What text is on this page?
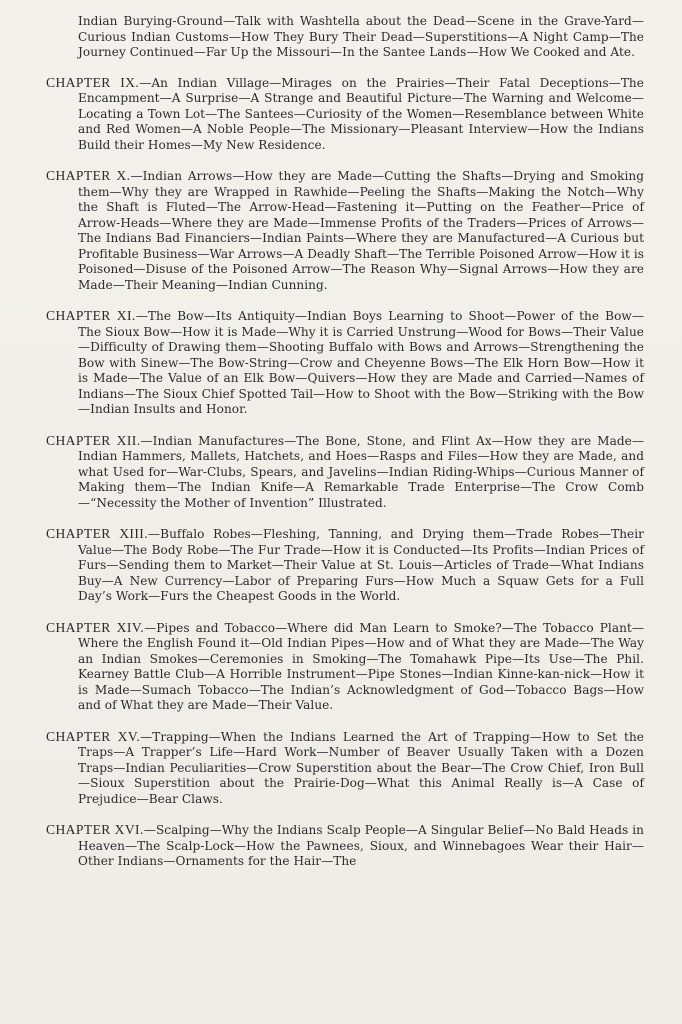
Indian Burying-Ground—Talk with Washtella about the Dead—Scene in the Grave-Yard—Curious Indian Customs—How They Bury Their Dead—Superstitions—A Night Camp—The Journey Continued—Far Up the Missouri—In the Santee Lands—How We Cooked and Ate.
CHAPTER IX.—An Indian Village—Mirages on the Prairies—Their Fatal Deceptions—The Encampment—A Surprise—A Strange and Beautiful Picture—The Warning and Welcome—Locating a Town Lot—The Santees—Curiosity of the Women—Resemblance between White and Red Women—A Noble People—The Missionary—Pleasant Interview—How the Indians Build their Homes—My New Residence.
CHAPTER X.—Indian Arrows—How they are Made—Cutting the Shafts—Drying and Smoking them—Why they are Wrapped in Rawhide—Peeling the Shafts—Making the Notch—Why the Shaft is Fluted—The Arrow-Head—Fastening it—Putting on the Feather—Price of Arrow-Heads—Where they are Made—Immense Profits of the Traders—Prices of Arrows—The Indians Bad Financiers—Indian Paints—Where they are Manufactured—A Curious but Profitable Business—War Arrows—A Deadly Shaft—The Terrible Poisoned Arrow—How it is Poisoned—Disuse of the Poisoned Arrow—The Reason Why—Signal Arrows—How they are Made—Their Meaning—Indian Cunning.
CHAPTER XI.—The Bow—Its Antiquity—Indian Boys Learning to Shoot—Power of the Bow—The Sioux Bow—How it is Made—Why it is Carried Unstrung—Wood for Bows—Their Value—Difficulty of Drawing them—Shooting Buffalo with Bows and Arrows—Strengthening the Bow with Sinew—The Bow-String—Crow and Cheyenne Bows—The Elk Horn Bow—How it is Made—The Value of an Elk Bow—Quivers—How they are Made and Carried—Names of Indians—The Sioux Chief Spotted Tail—How to Shoot with the Bow—Striking with the Bow—Indian Insults and Honor.
CHAPTER XII.—Indian Manufactures—The Bone, Stone, and Flint Ax—How they are Made—Indian Hammers, Mallets, Hatchets, and Hoes—Rasps and Files—How they are Made, and what Used for—War-Clubs, Spears, and Javelins—Indian Riding-Whips—Curious Manner of Making them—The Indian Knife—A Remarkable Trade Enterprise—The Crow Comb—“Necessity the Mother of Invention” Illustrated.
CHAPTER XIII.—Buffalo Robes—Fleshing, Tanning, and Drying them—Trade Robes—Their Value—The Body Robe—The Fur Trade—How it is Conducted—Its Profits—Indian Prices of Furs—Sending them to Market—Their Value at St. Louis—Articles of Trade—What Indians Buy—A New Currency—Labor of Preparing Furs—How Much a Squaw Gets for a Full Day’s Work—Furs the Cheapest Goods in the World.
CHAPTER XIV.—Pipes and Tobacco—Where did Man Learn to Smoke?—The Tobacco Plant—Where the English Found it—Old Indian Pipes—How and of What they are Made—The Way an Indian Smokes—Ceremonies in Smoking—The Tomahawk Pipe—Its Use—The Phil. Kearney Battle Club—A Horrible Instrument—Pipe Stones—Indian Kinne-kan-nick—How it is Made—Sumach Tobacco—The Indian’s Acknowledgment of God—Tobacco Bags—How and of What they are Made—Their Value.
CHAPTER XV.—Trapping—When the Indians Learned the Art of Trapping—How to Set the Traps—A Trapper’s Life—Hard Work—Number of Beaver Usually Taken with a Dozen Traps—Indian Peculiarities—Crow Superstition about the Bear—The Crow Chief, Iron Bull—Sioux Superstition about the Prairie-Dog—What this Animal Really is—A Case of Prejudice—Bear Claws.
CHAPTER XVI.—Scalping—Why the Indians Scalp People—A Singular Belief—No Bald Heads in Heaven—The Scalp-Lock—How the Pawnees, Sioux, and Winnebagoes Wear their Hair—Other Indians—Ornaments for the Hair—The
